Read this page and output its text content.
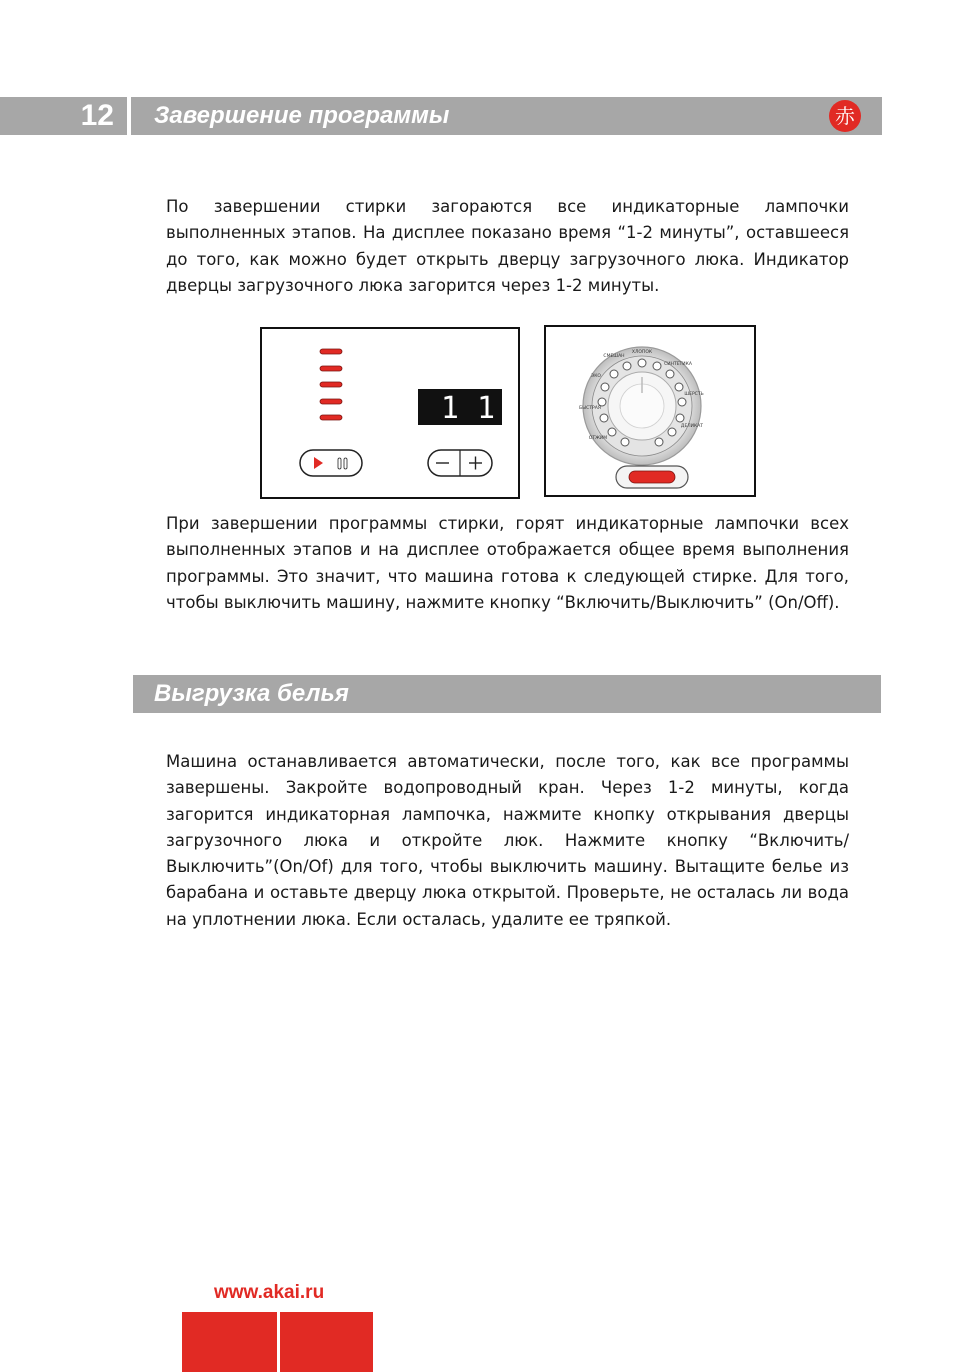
12	Завершение программы	赤

По завершении стирки загораются все индикаторные лампочки выполненных этапов. На дисплее показано время “1-2 минуты”, оставшееся до того, как можно будет открыть дверцу загрузочного люка. Индикатор дверцы загрузочного люка загорится через 1-2 минуты.

1 1
ХЛОПОК
СИНТЕТИКА
ШЕРСТЬ
ДЕЛИКАТ
ОТЖИМ
БЫСТРАЯ
ЭКО
СМЕШАН

При завершении программы стирки, горят индикаторные лампочки всех выполненных этапов и на дисплее отображается общее время выполнения программы. Это значит, что машина готова к следующей стирке. Для того, чтобы выключить машину, нажмите кнопку “Включить/Выключить” (On/Off).

Выгрузка белья

Машина останавливается автоматически, после того, как все программы завершены. Закройте водопроводный кран. Через 1-2 минуты, когда загорится индикаторная лампочка, нажмите кнопку открывания дверцы загрузочного люка и откройте люк. Нажмите кнопку “Включить/ Выключить”(On/Of) для того, чтобы выключить машину. Вытащите белье из барабана и оставьте дверцу люка открытой. Проверьте, не осталась ли вода на уплотнении люка. Если осталась, удалите ее тряпкой.

www.akai.ru
